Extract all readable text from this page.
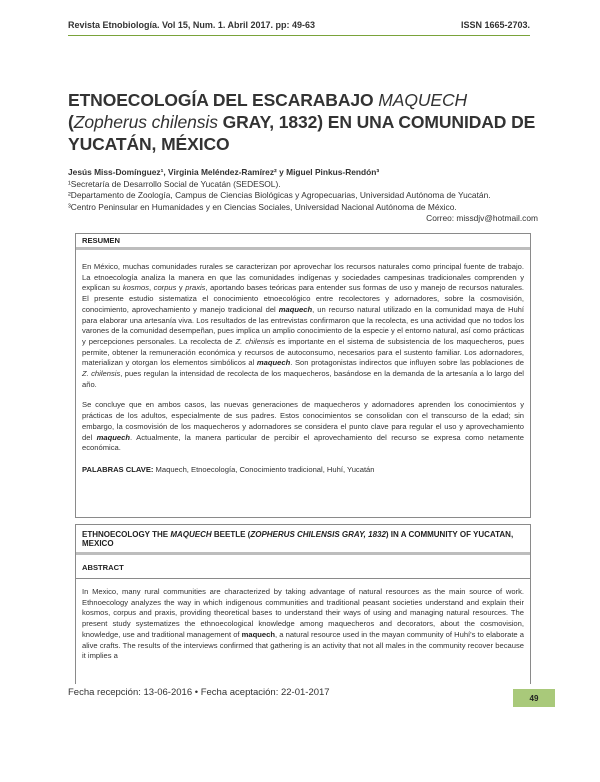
Revista Etnobiología. Vol 15, Num. 1. Abril 2017. pp: 49-63	ISSN 1665-2703.
ETNOECOLOGÍA DEL ESCARABAJO MAQUECH (Zopherus chilensis GRAY, 1832) EN UNA COMUNIDAD DE YUCATÁN, MÉXICO
Jesús Miss-Domínguez¹, Virginia Meléndez-Ramírez² y Miguel Pinkus-Rendón³
¹Secretaría de Desarrollo Social de Yucatán (SEDESOL).
²Departamento de Zoología, Campus de Ciencias Biológicas y Agropecuarias, Universidad Autónoma de Yucatán.
³Centro Peninsular en Humanidades y en Ciencias Sociales, Universidad Nacional Autónoma de México.
Correo: missdjv@hotmail.com
RESUMEN
En México, muchas comunidades rurales se caracterizan por aprovechar los recursos naturales como principal fuente de trabajo. La etnoecología analiza la manera en que las comunidades indígenas y sociedades campesinas tradicionales comprenden y explican su kosmos, corpus y praxis, aportando bases teóricas para entender sus formas de uso y manejo de recursos naturales. El presente estudio sistematiza el conocimiento etnoecológico entre recolectores y adornadores, sobre la cosmovisión, conocimiento, aprovechamiento y manejo tradicional del maquech, un recurso natural utilizado en la comunidad maya de Huhí para elaborar una artesanía viva. Los resultados de las entrevistas confirmaron que la recolecta, es una actividad que no todos los varones de la comunidad desempeñan, pues implica un amplio conocimiento de la especie y el entorno natural, así como prácticas y percepciones personales. La recolecta de Z. chilensis es importante en el sistema de subsistencia de los maquecheros, pues permite, obtener la remuneración económica y recursos de autoconsumo, necesarios para el sustento familiar. Los adornadores, materializan y otorgan los elementos simbólicos al maquech. Son protagonistas indirectos que influyen sobre las poblaciones de Z. chilensis, pues regulan la intensidad de recolecta de los maquecheros, basándose en la demanda de la artesanía a lo largo del año.
Se concluye que en ambos casos, las nuevas generaciones de maquecheros y adornadores aprenden los conocimientos y prácticas de los adultos, especialmente de sus padres. Estos conocimientos se consolidan con el transcurso de la edad; sin embargo, la cosmovisión de los maquecheros y adornadores se considera el punto clave para regular el uso y aprovechamiento del maquech. Actualmente, la manera particular de percibir el aprovechamiento del recurso se expresa como netamente económica.
PALABRAS CLAVE: Maquech, Etnoecología, Conocimiento tradicional, Huhí, Yucatán
ETHNOECOLOGY THE MAQUECH BEETLE (ZOPHERUS CHILENSIS GRAY, 1832) IN A COMMUNITY OF YUCATAN, MEXICO
ABSTRACT
In Mexico, many rural communities are characterized by taking advantage of natural resources as the main source of work. Ethnoecology analyzes the way in which indigenous communities and traditional peasant societies understand and explain their kosmos, corpus and praxis, providing theoretical bases to understand their ways of using and managing natural resources. The present study systematizes the ethnoecological knowledge among maquecheros and decorators, about the cosmovision, knowledge, use and traditional management of maquech, a natural resource used in the mayan community of Huhí's to elaborate a alive crafts. The results of the interviews confirmed that gathering is an activity that not all males in the community recover because it implies a
Fecha recepción: 13-06-2016 • Fecha aceptación: 22-01-2017	49
